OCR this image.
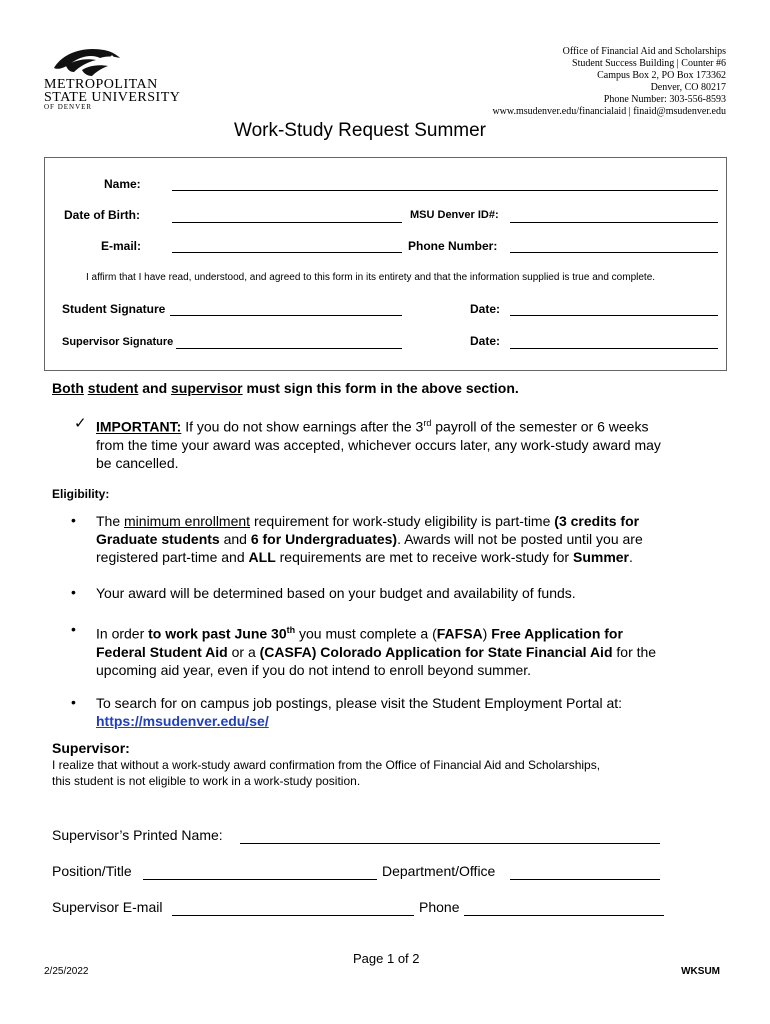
METROPOLITAN
STATE UNIVERSITY
OF DENVER
Office of Financial Aid and Scholarships
Student Success Building | Counter #6
Campus Box 2, PO Box 173362
Denver, CO 80217
Phone Number: 303-556-8593
www.msudenver.edu/financialaid | finaid@msudenver.edu
Work-Study Request Summer
Name:
Date of Birth:	MSU Denver ID#:
E-mail:	Phone Number:
I affirm that I have read, understood, and agreed to this form in its entirety and that the information supplied is true and complete.
Student Signature	Date:
Supervisor Signature	Date:
Both student and supervisor must sign this form in the above section.
✓ IMPORTANT: If you do not show earnings after the 3rd payroll of the semester or 6 weeks
from the time your award was accepted, whichever occurs later, any work-study award may
be cancelled.
Eligibility:
• The minimum enrollment requirement for work-study eligibility is part-time (3 credits for
Graduate students and 6 for Undergraduates). Awards will not be posted until you are
registered part-time and ALL requirements are met to receive work-study for Summer.
• Your award will be determined based on your budget and availability of funds.
• In order to work past June 30th you must complete a (FAFSA) Free Application for
Federal Student Aid or a (CASFA) Colorado Application for State Financial Aid for the
upcoming aid year, even if you do not intend to enroll beyond summer.
• To search for on campus job postings, please visit the Student Employment Portal at:
https://msudenver.edu/se/
Supervisor:
I realize that without a work-study award confirmation from the Office of Financial Aid and Scholarships,
this student is not eligible to work in a work-study position.
Supervisor’s Printed Name:
Position/Title	Department/Office
Supervisor E-mail	Phone
Page 1 of 2
2/25/2022	WKSUM
